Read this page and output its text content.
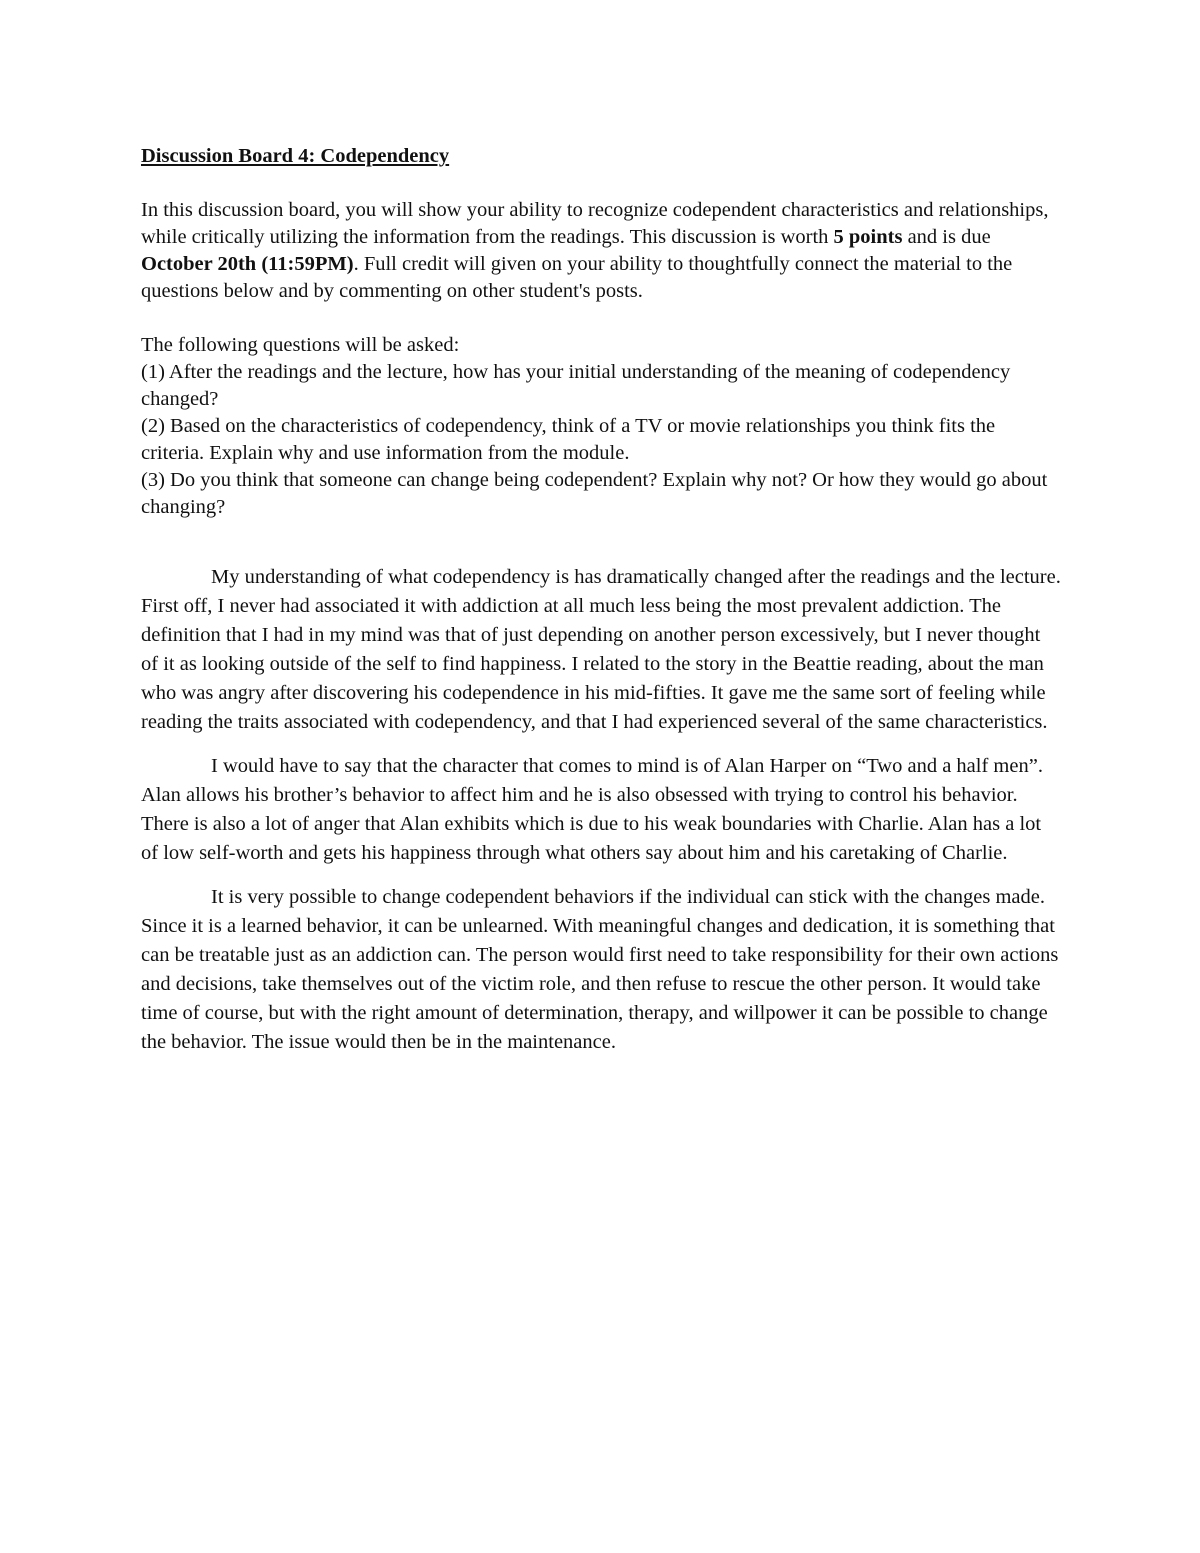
Discussion Board 4: Codependency

In this discussion board, you will show your ability to recognize codependent characteristics and relationships, while critically utilizing the information from the readings. This discussion is worth 5 points and is due October 20th (11:59PM). Full credit will given on your ability to thoughtfully connect the material to the questions below and by commenting on other student's posts.

The following questions will be asked:
(1) After the readings and the lecture, how has your initial understanding of the meaning of codependency changed?
(2) Based on the characteristics of codependency, think of a TV or movie relationships you think fits the criteria. Explain why and use information from the module.
(3) Do you think that someone can change being codependent? Explain why not? Or how they would go about changing?

My understanding of what codependency is has dramatically changed after the readings and the lecture. First off, I never had associated it with addiction at all much less being the most prevalent addiction. The definition that I had in my mind was that of just depending on another person excessively, but I never thought of it as looking outside of the self to find happiness. I related to the story in the Beattie reading, about the man who was angry after discovering his codependence in his mid-fifties. It gave me the same sort of feeling while reading the traits associated with codependency, and that I had experienced several of the same characteristics.

I would have to say that the character that comes to mind is of Alan Harper on “Two and a half men”. Alan allows his brother’s behavior to affect him and he is also obsessed with trying to control his behavior. There is also a lot of anger that Alan exhibits which is due to his weak boundaries with Charlie. Alan has a lot of low self-worth and gets his happiness through what others say about him and his caretaking of Charlie.

It is very possible to change codependent behaviors if the individual can stick with the changes made. Since it is a learned behavior, it can be unlearned. With meaningful changes and dedication, it is something that can be treatable just as an addiction can. The person would first need to take responsibility for their own actions and decisions, take themselves out of the victim role, and then refuse to rescue the other person. It would take time of course, but with the right amount of determination, therapy, and willpower it can be possible to change the behavior. The issue would then be in the maintenance.
